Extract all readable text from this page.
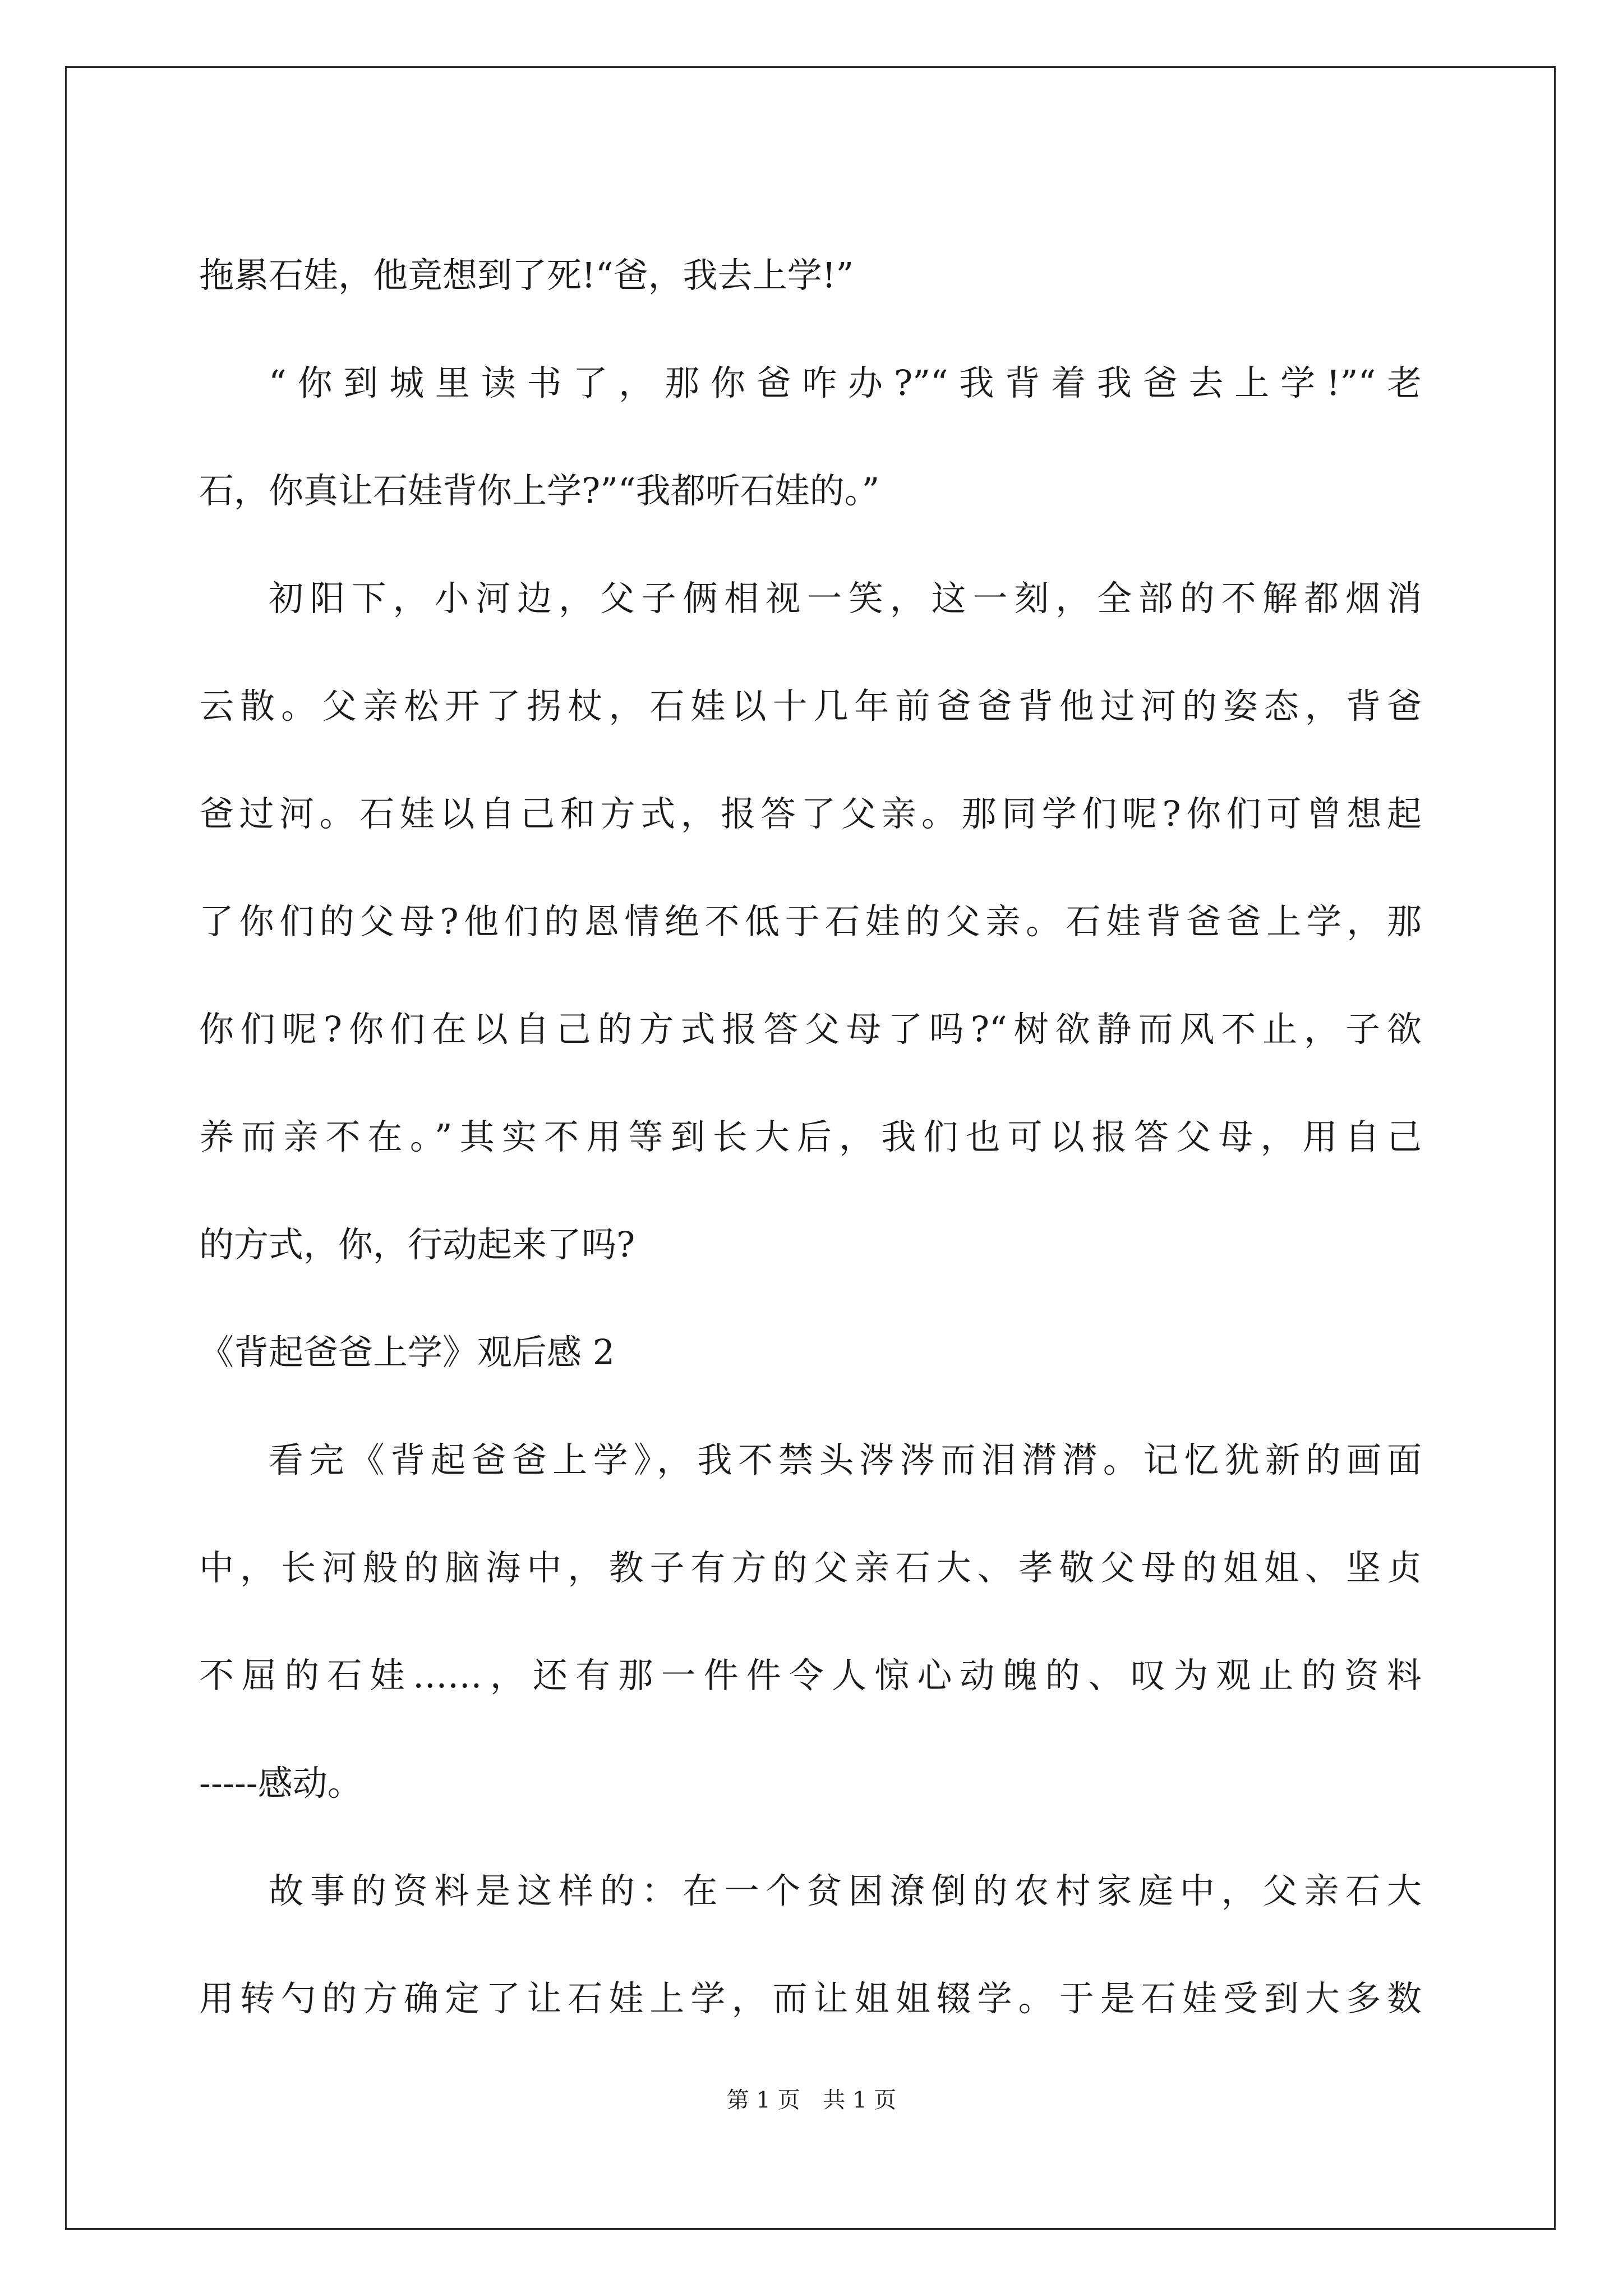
拖累石娃，他竟想到了死!“爸，我去上学!”
“你到城里读书了，那你爸咋办?”“我背着我爸去上学!”“老
石，你真让石娃背你上学?”“我都听石娃的。”
初阳下，小河边，父子俩相视一笑，这一刻，全部的不解都烟消
云散。父亲松开了拐杖，石娃以十几年前爸爸背他过河的姿态，背爸
爸过河。石娃以自己和方式，报答了父亲。那同学们呢?你们可曾想起
了你们的父母?他们的恩情绝不低于石娃的父亲。石娃背爸爸上学，那
你们呢?你们在以自己的方式报答父母了吗?“树欲静而风不止，子欲
养而亲不在。”其实不用等到长大后，我们也可以报答父母，用自己
的方式，你，行动起来了吗?
《背起爸爸上学》观后感 2
看完《背起爸爸上学》，我不禁头涔涔而泪潸潸。记忆犹新的画面
中，长河般的脑海中，教子有方的父亲石大、孝敬父母的姐姐、坚贞
不屈的石娃……，还有那一件件令人惊心动魄的、叹为观止的资料
-----感动。
故事的资料是这样的：在一个贫困潦倒的农村家庭中，父亲石大
用转勺的方确定了让石娃上学，而让姐姐辍学。于是石娃受到大多数
第 1 页 共 1 页
